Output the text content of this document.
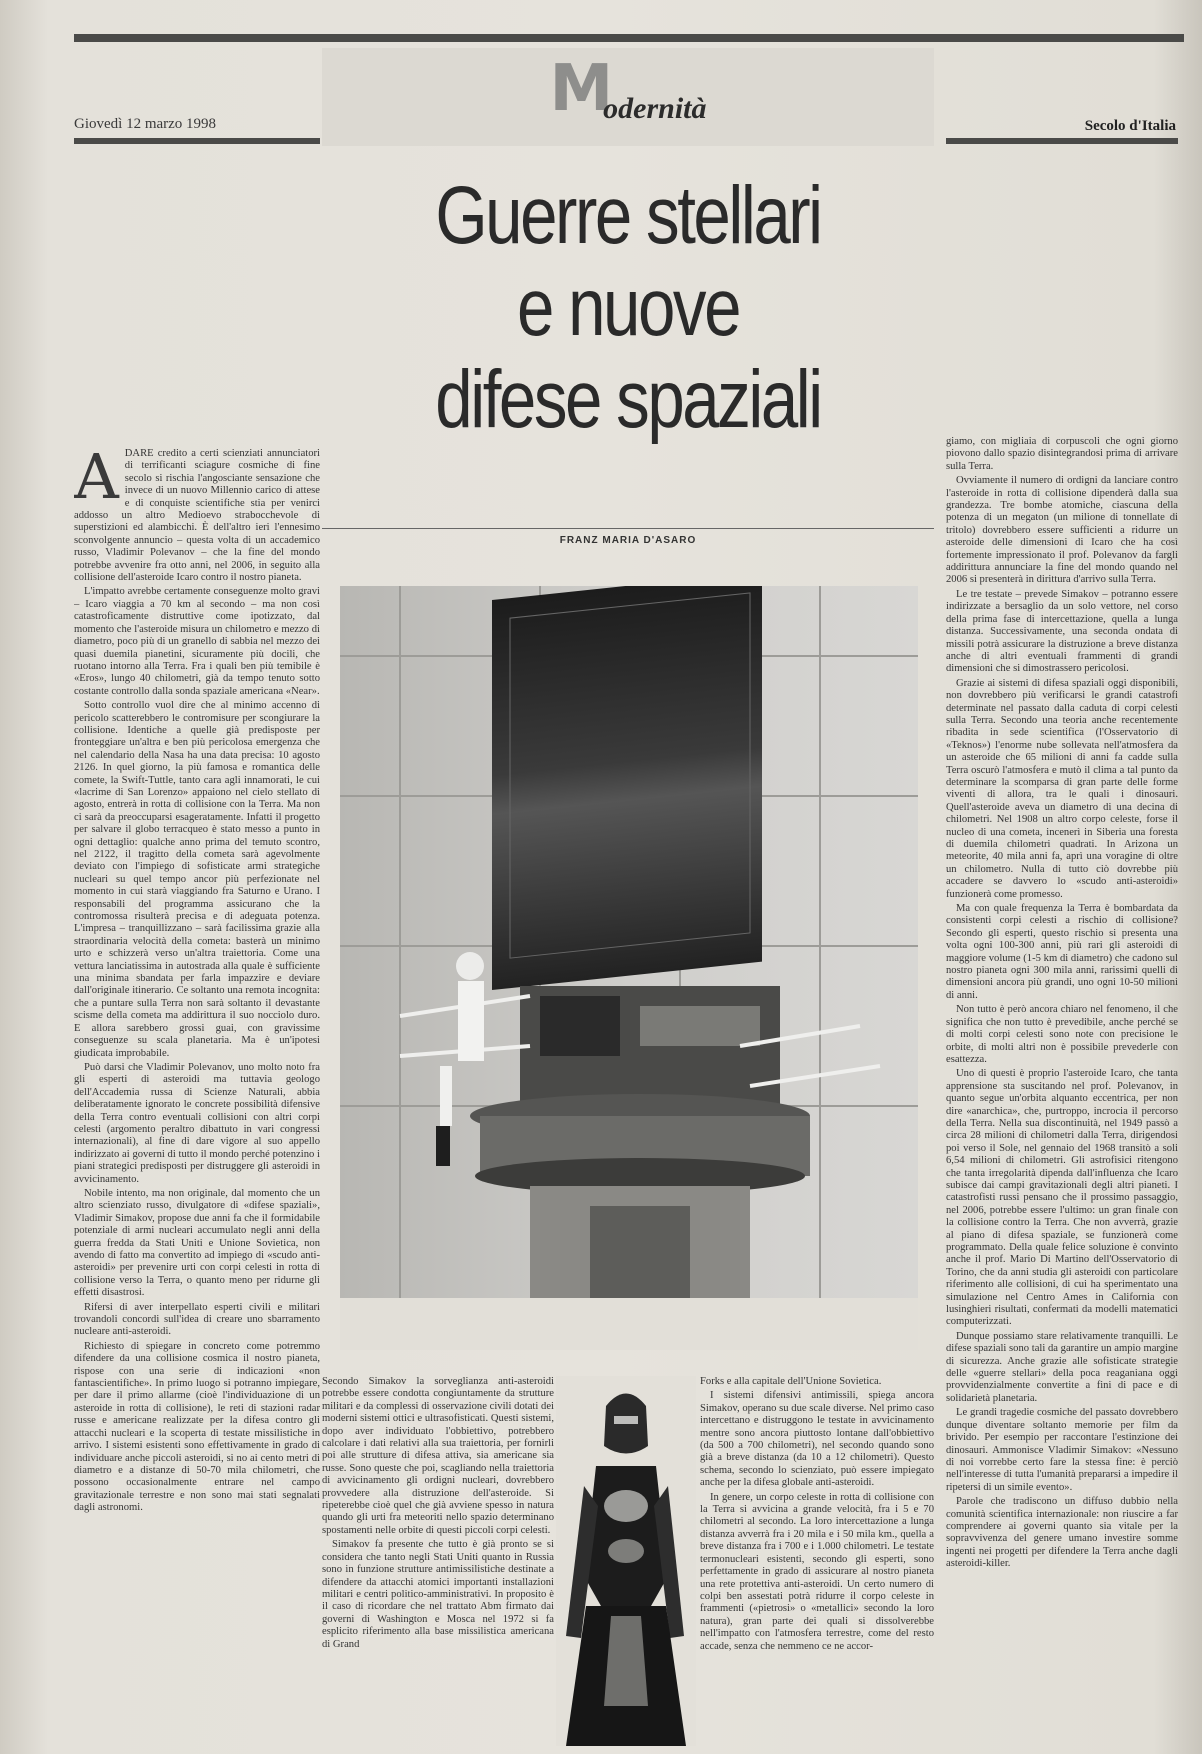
Modernità
Giovedì 12 marzo 1998	Secolo d'Italia
Guerre stellari
e nuove
difese spaziali
FRANZ MARIA D'ASARO

ADARE credito a certi scienziati annunciatori di terrificanti sciagure cosmiche di fine secolo si rischia l'angosciante sensazione che invece di un nuovo Millennio carico di attese e di conquiste scientifiche stia per venirci addosso un altro Medioevo strabocchevole di superstizioni ed alambicchi. È dell'altro ieri l'ennesimo sconvolgente annuncio – questa volta di un accademico russo, Vladimir Polevanov – che la fine del mondo potrebbe avvenire fra otto anni, nel 2006, in seguito alla collisione dell'asteroide Icaro contro il nostro pianeta.

L'impatto avrebbe certamente conseguenze molto gravi – Icaro viaggia a 70 km al secondo – ma non così catastroficamente distruttive come ipotizzato, dal momento che l'asteroide misura un chilometro e mezzo di diametro, poco più di un granello di sabbia nel mezzo dei quasi duemila pianetini, sicuramente più docili, che ruotano intorno alla Terra. Fra i quali ben più temibile è «Eros», lungo 40 chilometri, già da tempo tenuto sotto costante controllo dalla sonda spaziale americana «Near».

Sotto controllo vuol dire che al minimo accenno di pericolo scatterebbero le contromisure per scongiurare la collisione. Identiche a quelle già predisposte per fronteggiare un'altra e ben più pericolosa emergenza che nel calendario della Nasa ha una data precisa: 10 agosto 2126. In quel giorno, la più famosa e romantica delle comete, la Swift-Tuttle, tanto cara agli innamorati, le cui «lacrime di San Lorenzo» appaiono nel cielo stellato di agosto, entrerà in rotta di collisione con la Terra. Ma non ci sarà da preoccuparsi esageratamente. Infatti il progetto per salvare il globo terracqueo è stato messo a punto in ogni dettaglio: qualche anno prima del temuto scontro, nel 2122, il tragitto della cometa sarà agevolmente deviato con l'impiego di sofisticate armi strategiche nucleari su quel tempo ancor più perfezionate nel momento in cui starà viaggiando fra Saturno e Urano. I responsabili del programma assicurano che la contromossa risulterà precisa e di adeguata potenza. L'impresa – tranquillizzano – sarà facilissima grazie alla straordinaria velocità della cometa: basterà un minimo urto e schizzerà verso un'altra traiettoria. Come una vettura lanciatissima in autostrada alla quale è sufficiente una minima sbandata per farla impazzire e deviare dall'originale itinerario. Ce soltanto una remota incognita: che a puntare sulla Terra non sarà soltanto il devastante scisme della cometa ma addirittura il suo nocciolo duro. E allora sarebbero grossi guai, con gravissime conseguenze su scala planetaria. Ma è un'ipotesi giudicata improbabile.

Può darsi che Vladimir Polevanov, uno molto noto fra gli esperti di asteroidi ma tuttavia geologo dell'Accademia russa di Scienze Naturali, abbia deliberatamente ignorato le concrete possibilità difensive della Terra contro eventuali collisioni con altri corpi celesti (argomento peraltro dibattuto in vari congressi internazionali), al fine di dare vigore al suo appello indirizzato ai governi di tutto il mondo perché potenzino i piani strategici predisposti per distruggere gli asteroidi in avvicinamento.

Nobile intento, ma non originale, dal momento che un altro scienziato russo, divulgatore di «difese spaziali», Vladimir Simakov, propose due anni fa che il formidabile potenziale di armi nucleari accumulato negli anni della guerra fredda da Stati Uniti e Unione Sovietica, non avendo di fatto ma convertito ad impiego di «scudo anti-asteroidi» per prevenire urti con corpi celesti in rotta di collisione verso la Terra, o quanto meno per ridurne gli effetti disastrosi.

Rifersi di aver interpellato esperti civili e militari trovandoli concordi sull'idea di creare uno sbarramento nucleare anti-asteroidi.

Richiesto di spiegare in concreto come potremmo difendere da una collisione cosmica il nostro pianeta, rispose con una serie di indicazioni «non fantascientifiche». In primo luogo si potranno impiegare, per dare il primo allarme (cioè l'individuazione di un asteroide in rotta di collisione), le reti di stazioni radar russe e americane realizzate per la difesa contro gli attacchi nucleari e la scoperta di testate missilistiche in arrivo. I sistemi esistenti sono effettivamente in grado di individuare anche piccoli asteroidi, si no ai cento metri di diametro e a distanze di 50-70 mila chilometri, che possono occasionalmente entrare nel campo gravitazionale terrestre e non sono mai stati segnalati dagli astronomi.

Secondo Simakov la sorveglianza anti-asteroidi potrebbe essere condotta congiuntamente da strutture militari e da complessi di osservazione civili dotati dei moderni sistemi ottici e ultrasofisticati. Questi sistemi, dopo aver individuato l'obbiettivo, potrebbero calcolare i dati relativi alla sua traiettoria, per fornirli poi alle strutture di difesa attiva, sia americane sia russe. Sono queste che poi, scagliando nella traiettoria di avvicinamento gli ordigni nucleari, dovrebbero provvedere alla distruzione dell'asteroide. Si ripeterebbe cioè quel che già avviene spesso in natura quando gli urti fra meteoriti nello spazio determinano spostamenti nelle orbite di questi piccoli corpi celesti.

Simakov fa presente che tutto è già pronto se si considera che tanto negli Stati Uniti quanto in Russia sono in funzione strutture antimissilistiche destinate a difendere da attacchi atomici importanti installazioni militari e centri politico-amministrativi. In proposito è il caso di ricordare che nel trattato Abm firmato dai governi di Washington e Mosca nel 1972 si fa esplicito riferimento alla base missilistica americana di Grand

Forks e alla capitale dell'Unione Sovietica.

I sistemi difensivi antimissili, spiega ancora Simakov, operano su due scale diverse. Nel primo caso intercettano e distruggono le testate in avvicinamento mentre sono ancora piuttosto lontane dall'obbiettivo (da 500 a 700 chilometri), nel secondo quando sono già a breve distanza (da 10 a 12 chilometri). Questo schema, secondo lo scienziato, può essere impiegato anche per la difesa globale anti-asteroidi.

In genere, un corpo celeste in rotta di collisione con la Terra si avvicina a grande velocità, fra i 5 e 70 chilometri al secondo. La loro intercettazione a lunga distanza avverrà fra i 20 mila e i 50 mila km., quella a breve distanza fra i 700 e i 1.000 chilometri. Le testate termonucleari esistenti, secondo gli esperti, sono perfettamente in grado di assicurare al nostro pianeta una rete protettiva anti-asteroidi. Un certo numero di colpi ben assestati potrà ridurre il corpo celeste in frammenti («pietrosi» o «metallici» secondo la loro natura), gran parte dei quali si dissolverebbe nell'impatto con l'atmosfera terrestre, come del resto accade, senza che nemmeno ce ne accor-

giamo, con migliaia di corpuscoli che ogni giorno piovono dallo spazio disintegrandosi prima di arrivare sulla Terra.

Ovviamente il numero di ordigni da lanciare contro l'asteroide in rotta di collisione dipenderà dalla sua grandezza. Tre bombe atomiche, ciascuna della potenza di un megaton (un milione di tonnellate di tritolo) dovrebbero essere sufficienti a ridurre un asteroide delle dimensioni di Icaro che ha così fortemente impressionato il prof. Polevanov da fargli addirittura annunciare la fine del mondo quando nel 2006 si presenterà in dirittura d'arrivo sulla Terra.

Le tre testate – prevede Simakov – potranno essere indirizzate a bersaglio da un solo vettore, nel corso della prima fase di intercettazione, quella a lunga distanza. Successivamente, una seconda ondata di missili potrà assicurare la distruzione a breve distanza anche di altri eventuali frammenti di grandi dimensioni che si dimostrassero pericolosi.

Grazie ai sistemi di difesa spaziali oggi disponibili, non dovrebbero più verificarsi le grandi catastrofi determinate nel passato dalla caduta di corpi celesti sulla Terra. Secondo una teoria anche recentemente ribadita in sede scientifica (l'Osservatorio di «Teknos») l'enorme nube sollevata nell'atmosfera da un asteroide che 65 milioni di anni fa cadde sulla Terra oscurò l'atmosfera e mutò il clima a tal punto da determinare la scomparsa di gran parte delle forme viventi di allora, tra le quali i dinosauri. Quell'asteroide aveva un diametro di una decina di chilometri. Nel 1908 un altro corpo celeste, forse il nucleo di una cometa, incenerì in Siberia una foresta di duemila chilometri quadrati. In Arizona un meteorite, 40 mila anni fa, aprì una voragine di oltre un chilometro. Nulla di tutto ciò dovrebbe più accadere se davvero lo «scudo anti-asteroidi» funzionerà come promesso.

Ma con quale frequenza la Terra è bombardata da consistenti corpi celesti a rischio di collisione? Secondo gli esperti, questo rischio si presenta una volta ogni 100-300 anni, più rari gli asteroidi di maggiore volume (1-5 km di diametro) che cadono sul nostro pianeta ogni 300 mila anni, rarissimi quelli di dimensioni ancora più grandi, uno ogni 10-50 milioni di anni.

Non tutto è però ancora chiaro nel fenomeno, il che significa che non tutto è prevedibile, anche perché se di molti corpi celesti sono note con precisione le orbite, di molti altri non è possibile prevederle con esattezza.

Uno di questi è proprio l'asteroide Icaro, che tanta apprensione sta suscitando nel prof. Polevanov, in quanto segue un'orbita alquanto eccentrica, per non dire «anarchica», che, purtroppo, incrocia il percorso della Terra. Nella sua discontinuità, nel 1949 passò a circa 28 milioni di chilometri dalla Terra, dirigendosi poi verso il Sole, nel gennaio del 1968 transitò a soli 6,54 milioni di chilometri. Gli astrofisici ritengono che tanta irregolarità dipenda dall'influenza che Icaro subisce dai campi gravitazionali degli altri pianeti. I catastrofisti russi pensano che il prossimo passaggio, nel 2006, potrebbe essere l'ultimo: un gran finale con la collisione contro la Terra. Che non avverrà, grazie al piano di difesa spaziale, se funzionerà come programmato. Della quale felice soluzione è convinto anche il prof. Mario Di Martino dell'Osservatorio di Torino, che da anni studia gli asteroidi con particolare riferimento alle collisioni, di cui ha sperimentato una simulazione nel Centro Ames in California con lusinghieri risultati, confermati da modelli matematici computerizzati.

Dunque possiamo stare relativamente tranquilli. Le difese spaziali sono tali da garantire un ampio margine di sicurezza. Anche grazie alle sofisticate strategie delle «guerre stellari» della poca reaganiana oggi provvidenzialmente convertite a fini di pace e di solidarietà planetaria.

Le grandi tragedie cosmiche del passato dovrebbero dunque diventare soltanto memorie per film da brivido. Per esempio per raccontare l'estinzione dei dinosauri. Ammonisce Vladimir Simakov: «Nessuno di noi vorrebbe certo fare la stessa fine: è perciò nell'interesse di tutta l'umanità prepararsi a impedire il ripetersi di un simile evento».

Parole che tradiscono un diffuso dubbio nella comunità scientifica internazionale: non riuscire a far comprendere ai governi quanto sia vitale per la sopravvivenza del genere umano investire somme ingenti nei progetti per difendere la Terra anche dagli asteroidi-killer.
